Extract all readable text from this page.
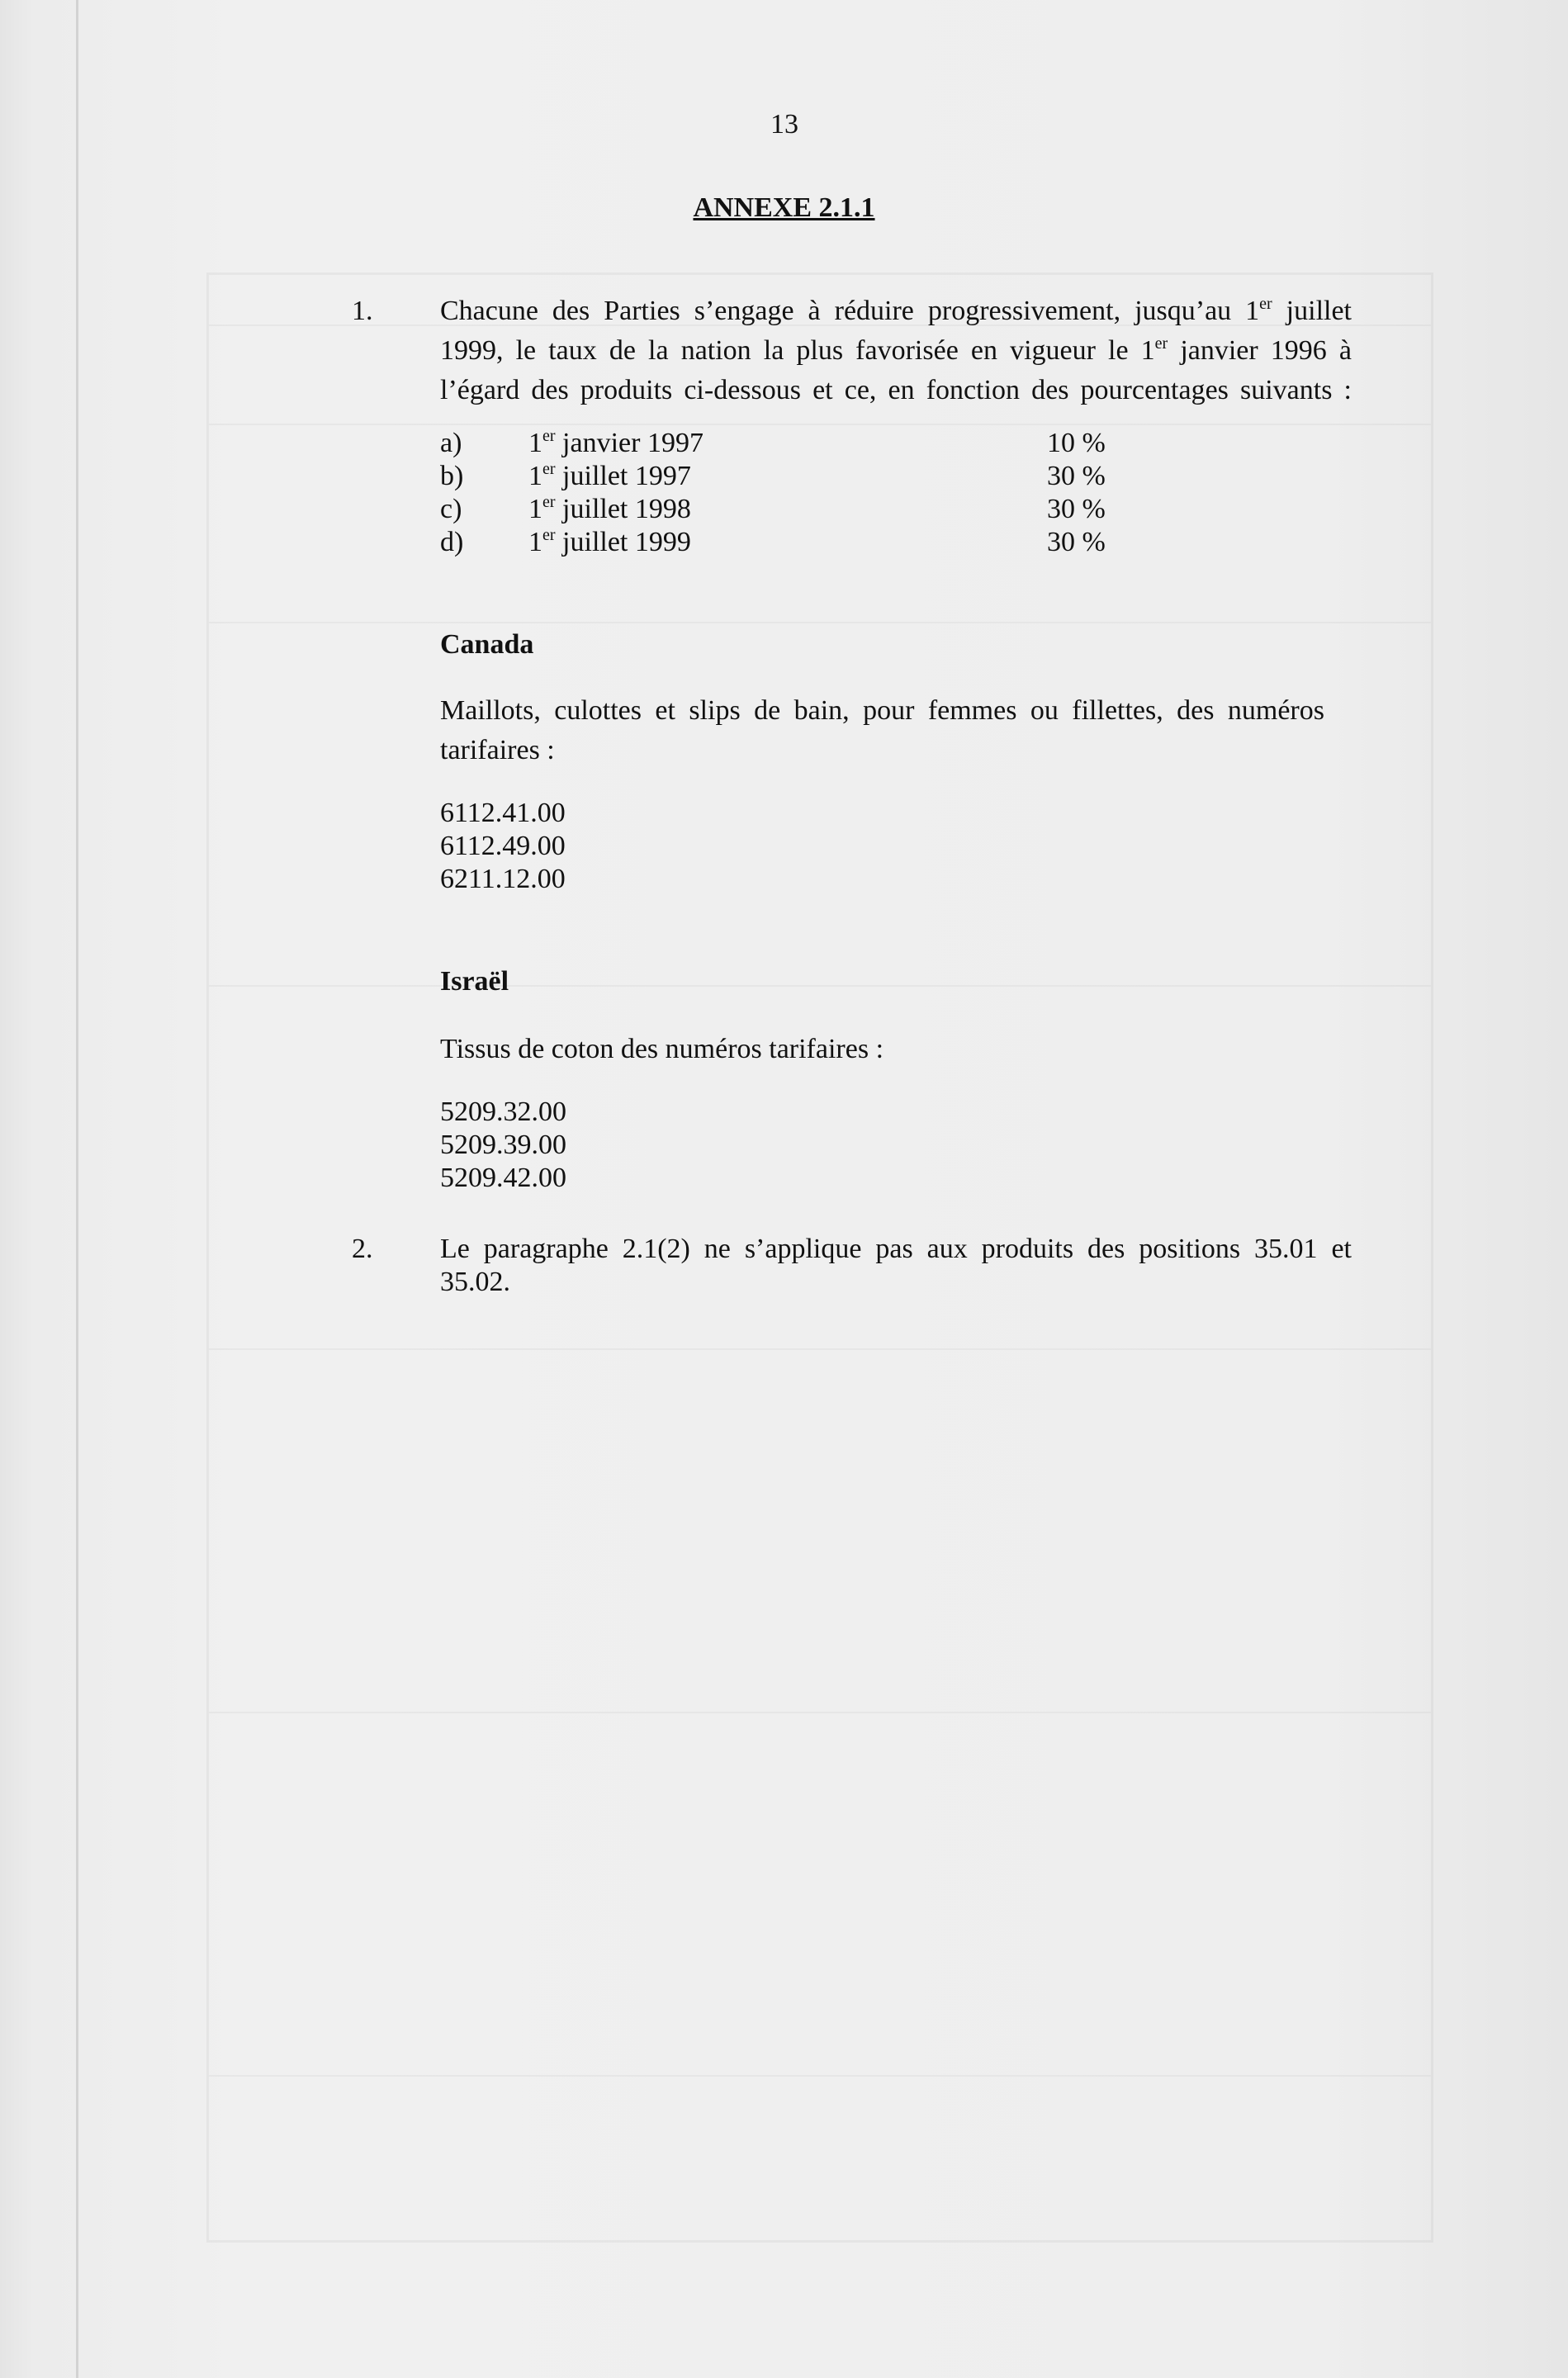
13
ANNEXE 2.1.1
1. Chacune des Parties s’engage à réduire progressivement, jusqu’au 1er juillet
1999, le taux de la nation la plus favorisée en vigueur le 1er janvier 1996 à
l’égard des produits ci-dessous et ce, en fonction des pourcentages suivants :
a) 1er janvier 1997	10 %
b) 1er juillet 1997	30 %
c) 1er juillet 1998	30 %
d) 1er juillet 1999	30 %
Canada
Maillots, culottes et slips de bain, pour femmes ou fillettes, des numéros
tarifaires :
6112.41.00
6112.49.00
6211.12.00
Israël
Tissus de coton des numéros tarifaires :
5209.32.00
5209.39.00
5209.42.00
2. Le paragraphe 2.1(2) ne s’applique pas aux produits des positions 35.01 et
35.02.
